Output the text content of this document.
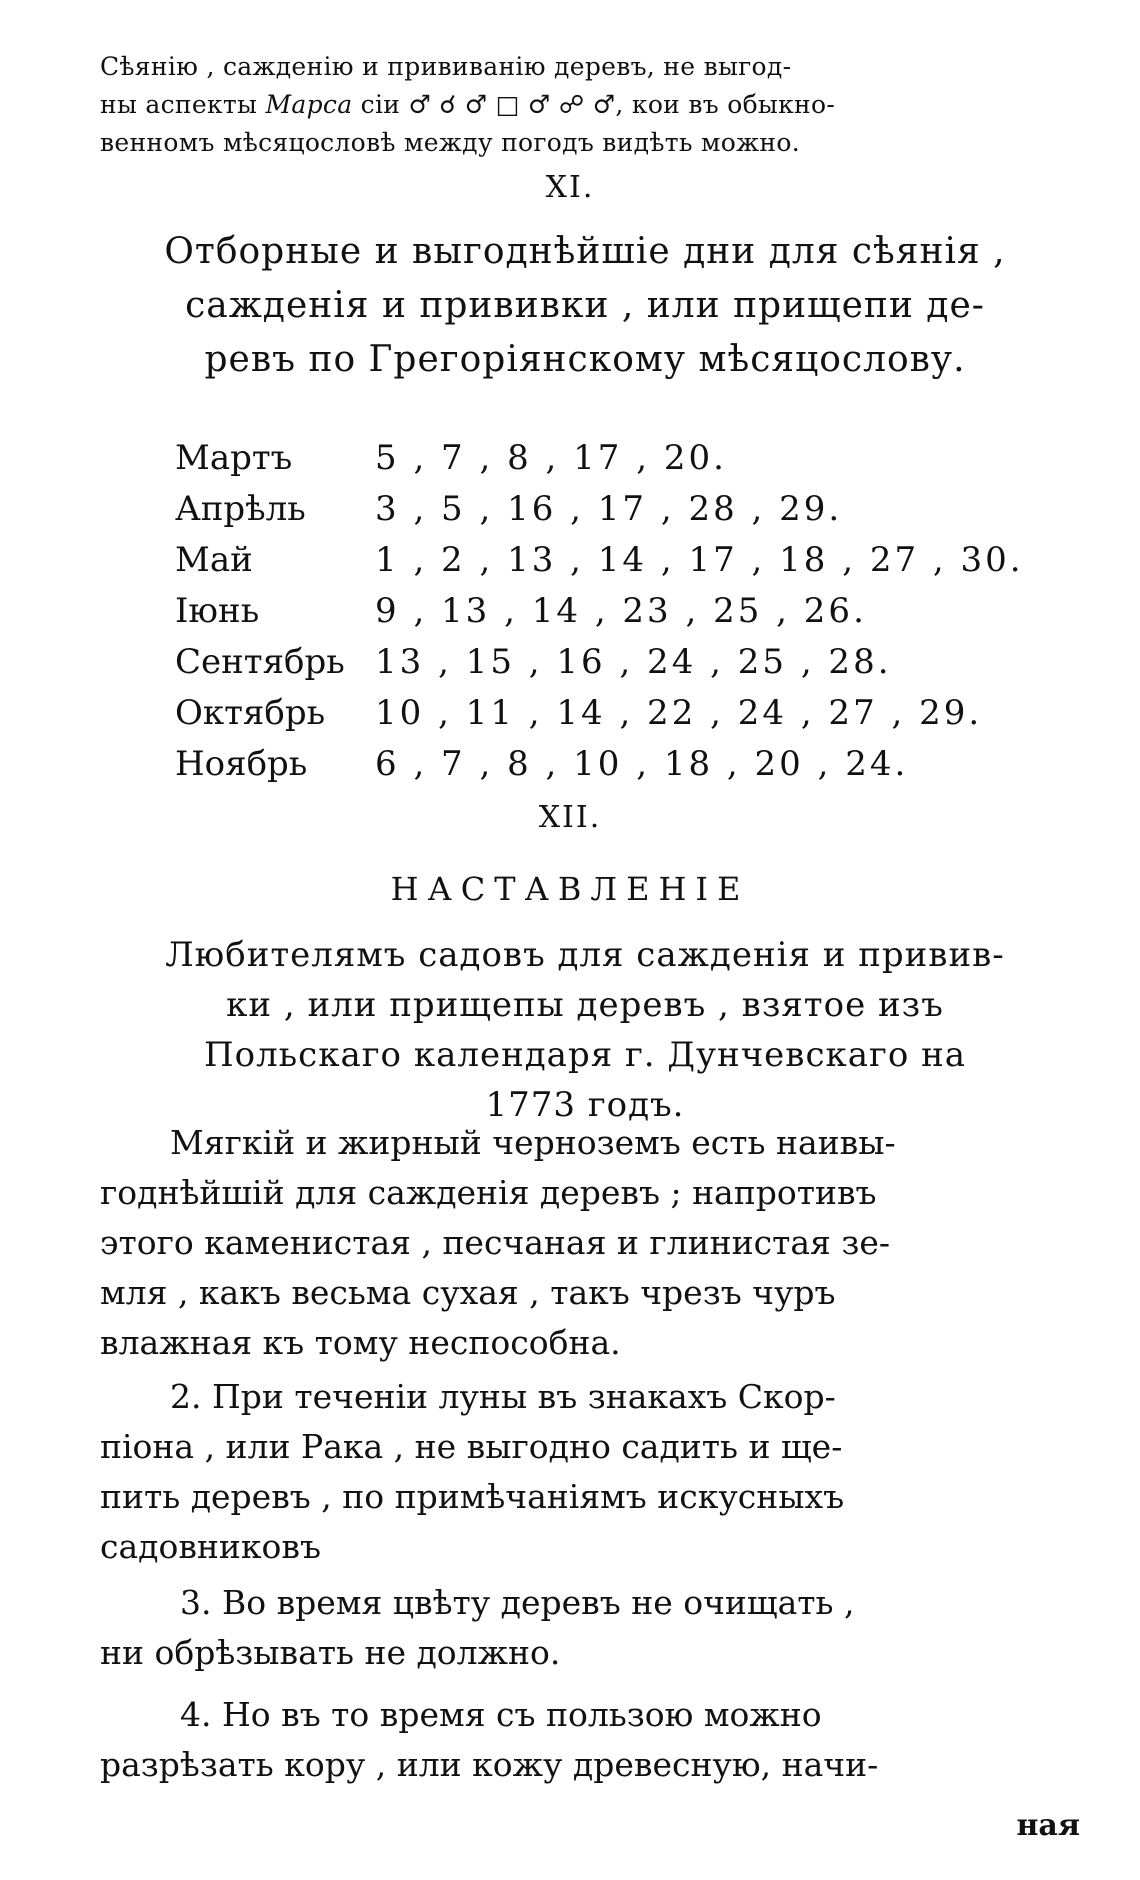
Сѣянію , сажденію и прививанію деревъ, не выгод-
ны аспекты Марса сіи ♂ ☌ ♂ □ ♂ ☍ ♂, кои въ обыкно-
венномъ мѣсяцословѣ между погодъ видѣть можно.
XI.
Отборные и выгоднѣйшіе дни для сѣянія ,
сажденія и прививки , или прищепи де-
ревъ по Грегоріянскому мѣсяцослову.
Мартъ	5 , 7 , 8 , 17 , 20.
Апрѣль	3 , 5 , 16 , 17 , 28 , 29.
Май	1 , 2 , 13 , 14 , 17 , 18 , 27 , 30.
Іюнь	9 , 13 , 14 , 23 , 25 , 26.
Сентябрь 13 , 15 , 16 , 24 , 25 , 28.
Октябрь	10 , 11 , 14 , 22 , 24 , 27 , 29.
Ноябрь	6 , 7 , 8 , 10 , 18 , 20 , 24.
XII.
НАСТАВЛЕНІЕ
Любителямъ садовъ для сажденія и привив-
ки , или прищепы деревъ , взятое изъ
Польскаго календаря г. Дунчевскаго на
1773 годъ.
Мягкій и жирный черноземъ есть наивы-
годнѣйшій для сажденія деревъ ; напротивъ
этого каменистая , песчаная и глинистая зе-
мля , какъ весьма сухая , такъ чрезъ чуръ
влажная къ тому неспособна.
2. При теченіи луны въ знакахъ Скор-
піона , или Рака , не выгодно садить и ще-
пить деревъ , по примѣчаніямъ искусныхъ
садовниковъ
3. Во время цвѣту деревъ не очищать ,
ни обрѣзывать не должно.
4. Но въ то время съ пользою можно
разрѣзать кору , или кожу древесную, начи-
ная
